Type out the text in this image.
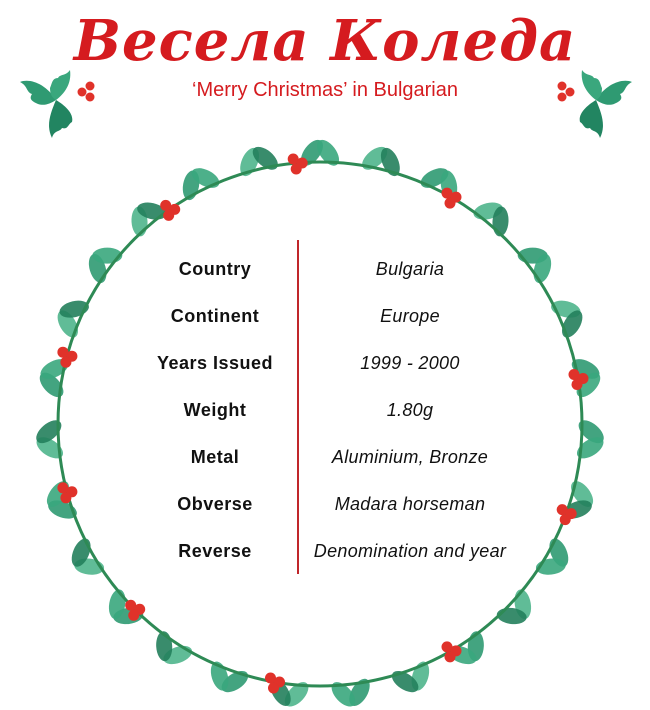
Весела Коледа
‘Merry Christmas’ in Bulgarian
Country	Bulgaria
Continent	Europe
Years Issued	1999 - 2000
Weight	1.80g
Metal	Aluminium, Bronze
Obverse	Madara horseman
Reverse	Denomination and year
